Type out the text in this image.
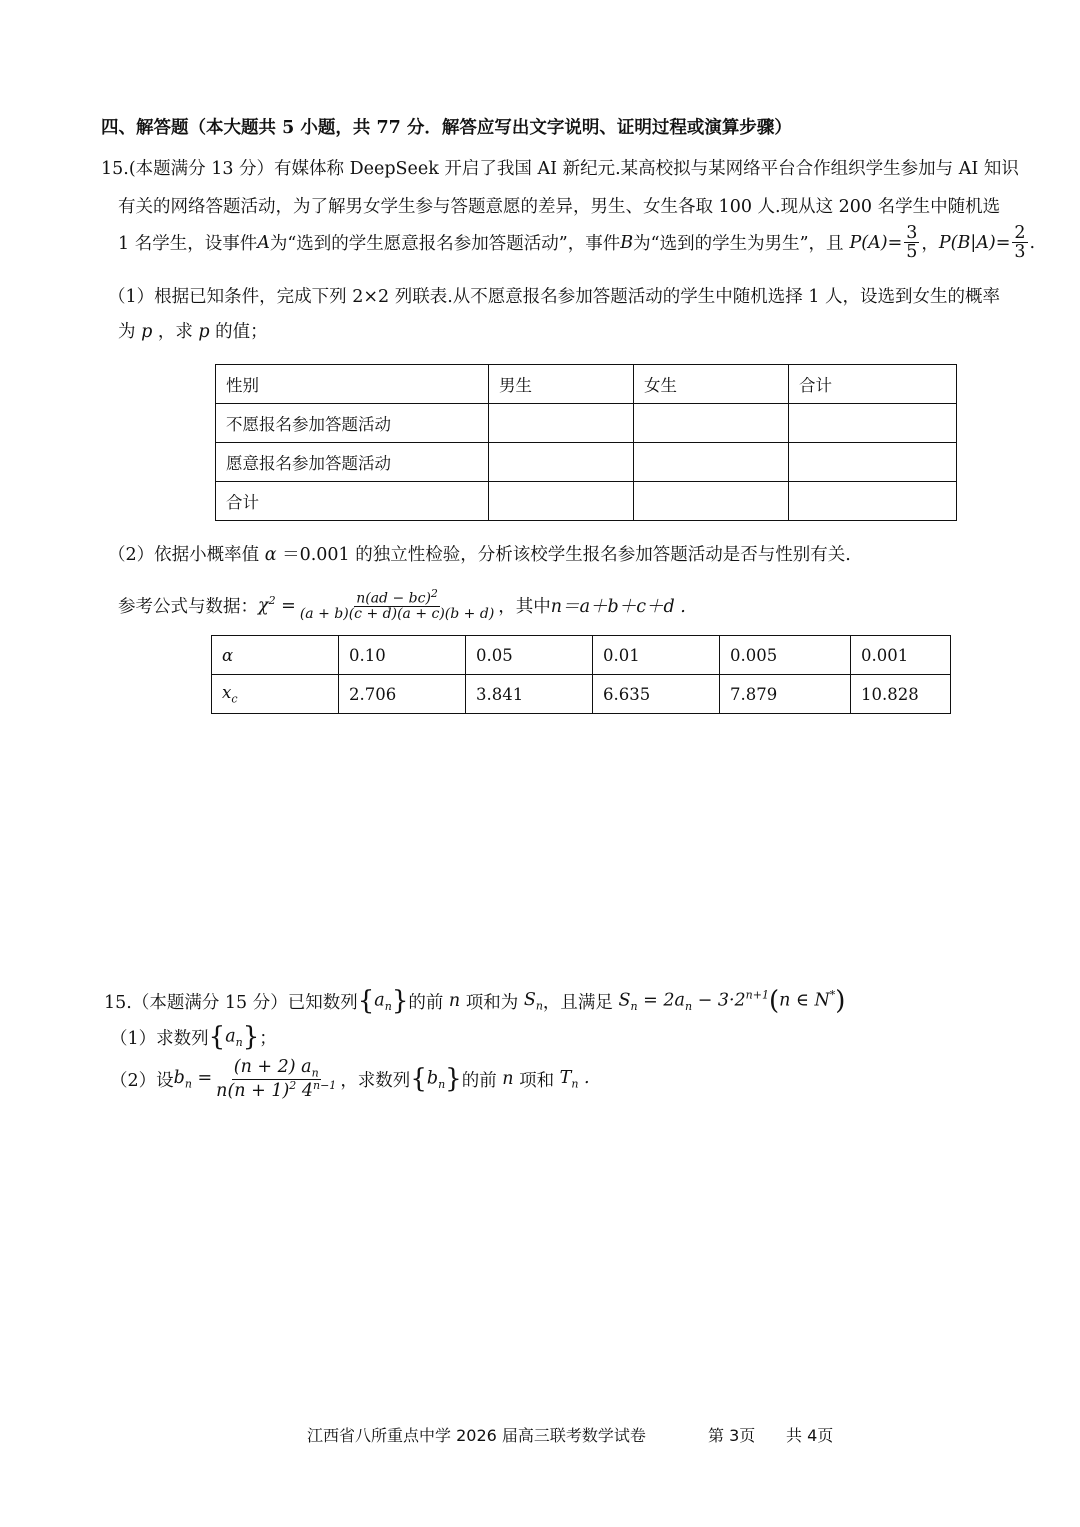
四、解答题（本大题共 5 小题，共 77 分．解答应写出文字说明、证明过程或演算步骤）
15.(本题满分 13 分）有媒体称 DeepSeek 开启了我国 AI 新纪元.某高校拟与某网络平台合作组织学生参加与 AI 知识
有关的网络答题活动，为了解男女学生参与答题意愿的差异，男生、女生各取 100 人.现从这 200 名学生中随机选
1 名学生，设事件 A 为“选到的学生愿意报名参加答题活动”，事件 B 为“选到的学生为男生”，且 $P(A)= \frac{3}{5}$ ， $P(B|A)= \frac{2}{3}$ .
（1）根据已知条件，完成下列 2×2 列联表.从不愿意报名参加答题活动的学生中随机选择 1 人，设选到女生的概率
为 p ，求 p 的值；
性别	男生	女生	合计
不愿报名参加答题活动			
愿意报名参加答题活动			
合计			
（2）依据小概率值 α ＝0.001 的独立性检验，分析该校学生报名参加答题活动是否与性别有关.
参考公式与数据： $\chi^2 = \frac{n(ad - bc)^2}{(a + b)(c + d)(a + c)(b + d)}$ ，其中 n＝a＋b＋c＋d .
α	0.10	0.05	0.01	0.005	0.001
$x_c$	2.706	3.841	6.635	7.879	10.828
15.（本题满分 15 分）已知数列 $\{a_n\}$ 的前 n 项和为 $S_n$ ，且满足 $S_n = 2a_n - 3\cdot 2^{n+1}(n$ ∈ N*)
（1）求数列 $\{a_n\}$ ；
（2）设 $b_n = \frac{(n + 2) a_n}{n(n + 1)^2 4^{n-1}}$ ，求数列 $\{b_n\}$ 的前 n 项和 $T_n$ .
江西省八所重点中学 2026 届高三联考数学试卷	第 3页 共 4页
